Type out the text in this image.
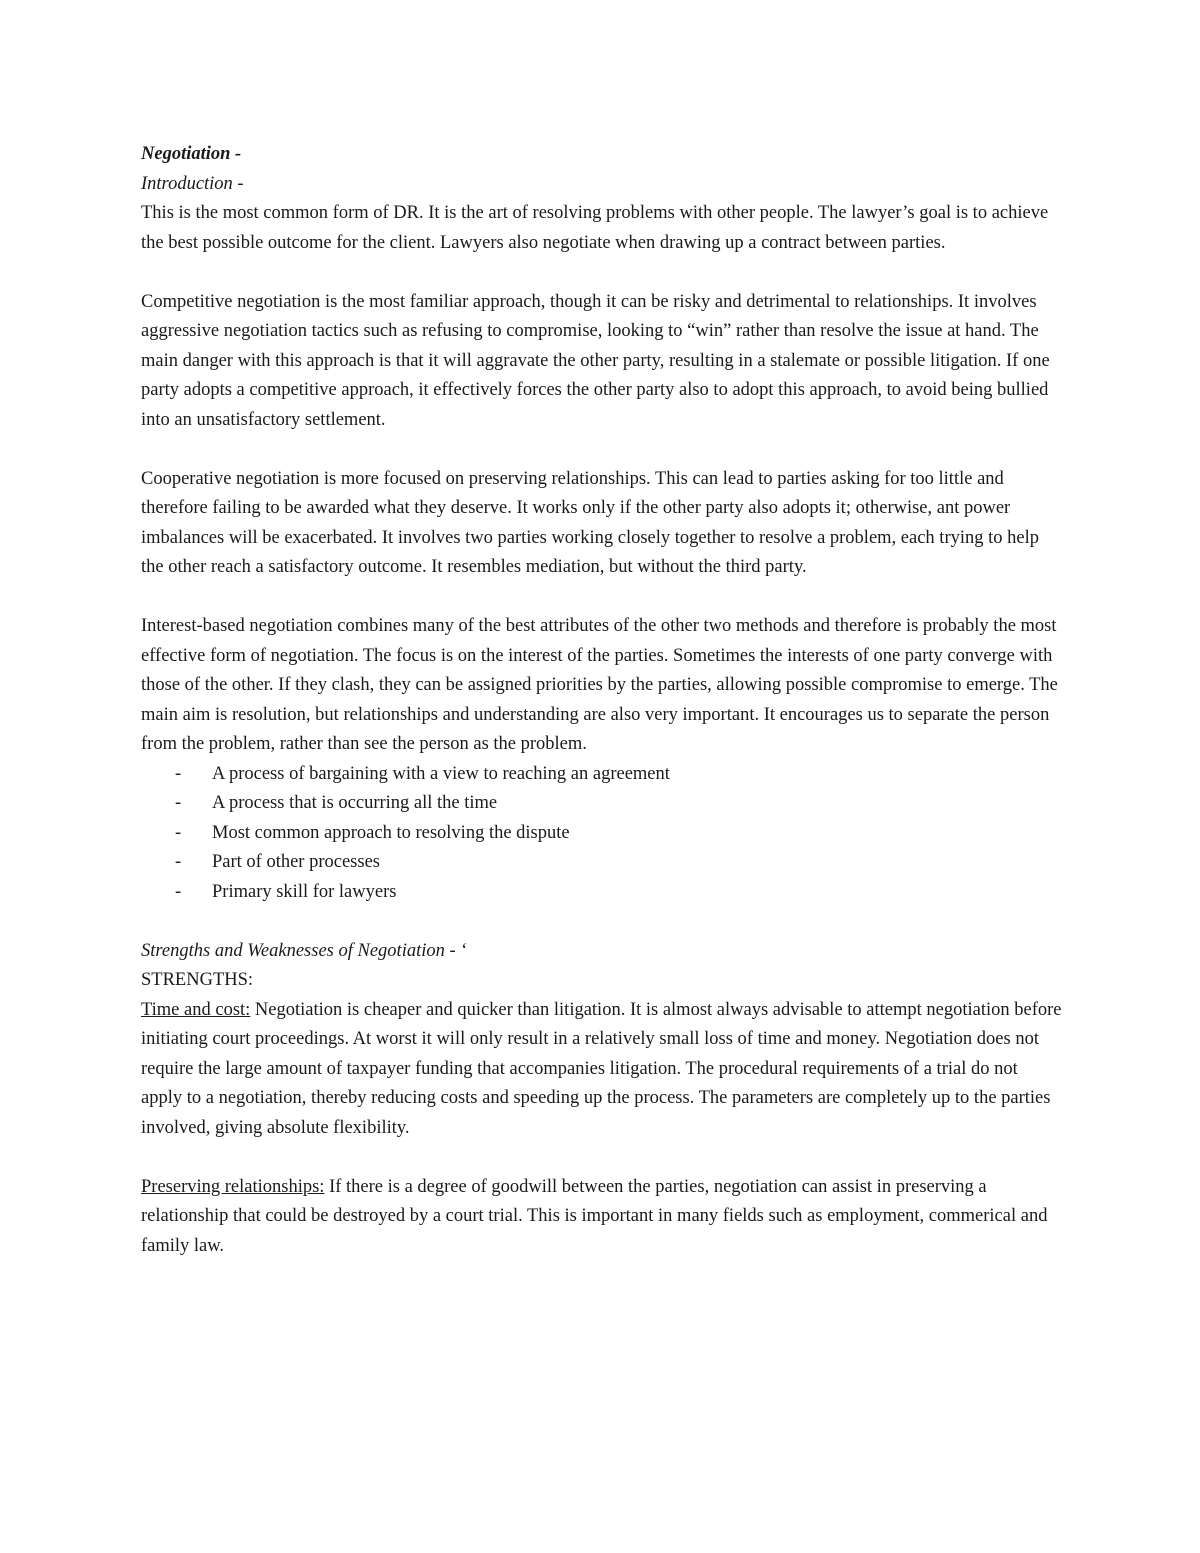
Negotiation -

Introduction -

This is the most common form of DR. It is the art of resolving problems with other people. The lawyer’s goal is to achieve the best possible outcome for the client. Lawyers also negotiate when drawing up a contract between parties.

Competitive negotiation is the most familiar approach, though it can be risky and detrimental to relationships. It involves aggressive negotiation tactics such as refusing to compromise, looking to “win” rather than resolve the issue at hand. The main danger with this approach is that it will aggravate the other party, resulting in a stalemate or possible litigation. If one party adopts a competitive approach, it effectively forces the other party also to adopt this approach, to avoid being bullied into an unsatisfactory settlement.

Cooperative negotiation is more focused on preserving relationships. This can lead to parties asking for too little and therefore failing to be awarded what they deserve. It works only if the other party also adopts it; otherwise, ant power imbalances will be exacerbated. It involves two parties working closely together to resolve a problem, each trying to help the other reach a satisfactory outcome. It resembles mediation, but without the third party.

Interest-based negotiation combines many of the best attributes of the other two methods and therefore is probably the most effective form of negotiation. The focus is on the interest of the parties. Sometimes the interests of one party converge with those of the other. If they clash, they can be assigned priorities by the parties, allowing possible compromise to emerge. The main aim is resolution, but relationships and understanding are also very important. It encourages us to separate the person from the problem, rather than see the person as the problem.

- A process of bargaining with a view to reaching an agreement
- A process that is occurring all the time
- Most common approach to resolving the dispute
- Part of other processes
- Primary skill for lawyers

Strengths and Weaknesses of Negotiation - ‘

STRENGTHS:

Time and cost: Negotiation is cheaper and quicker than litigation. It is almost always advisable to attempt negotiation before initiating court proceedings. At worst it will only result in a relatively small loss of time and money. Negotiation does not require the large amount of taxpayer funding that accompanies litigation. The procedural requirements of a trial do not apply to a negotiation, thereby reducing costs and speeding up the process. The parameters are completely up to the parties involved, giving absolute flexibility.

Preserving relationships: If there is a degree of goodwill between the parties, negotiation can assist in preserving a relationship that could be destroyed by a court trial. This is important in many fields such as employment, commerical and family law.
